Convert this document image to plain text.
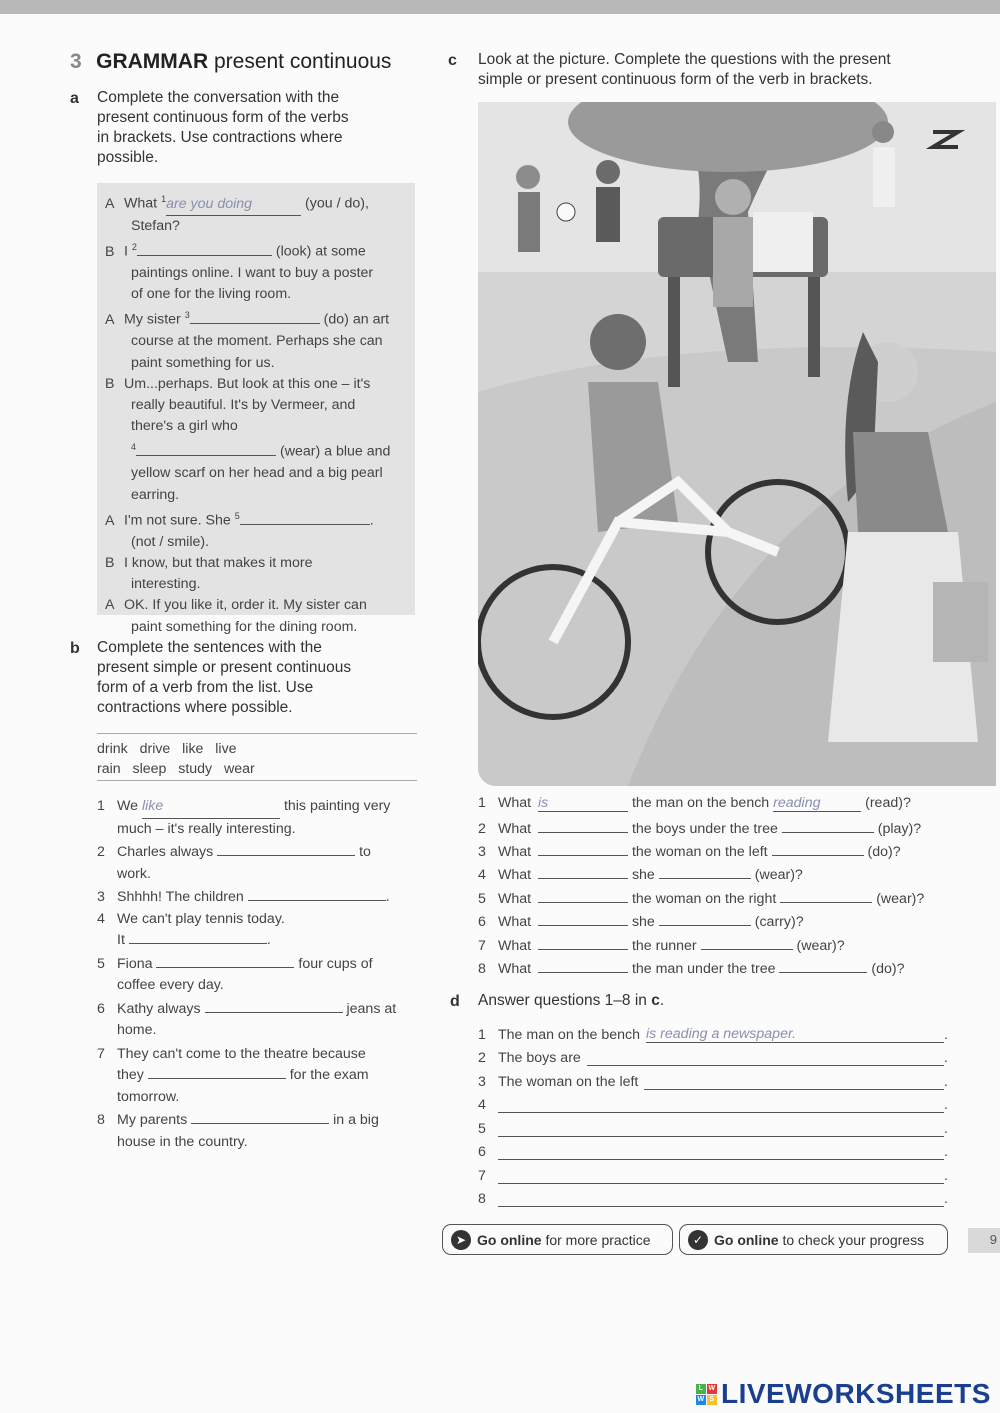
3 GRAMMAR present continuous
a Complete the conversation with the
present continuous form of the verbs
in brackets. Use contractions where
possible.
A What $^1$are you doing	(you / do),
Stefan?
B I $^2$	(look) at some
paintings online. I want to buy a poster
of one for the living room.
A My sister $^3$	(do) an art
course at the moment. Perhaps she can
paint something for us.
B Um...perhaps. But look at this one – it's
really beautiful. It's by Vermeer, and
there's a girl who
$^4$	(wear) a blue and
yellow scarf on her head and a big pearl
earring.
A I'm not sure. She $^5$	.
(not / smile).
B I know, but that makes it more
interesting.
A OK. If you like it, order it. My sister can
paint something for the dining room.
b Complete the sentences with the
present simple or present continuous
form of a verb from the list. Use
contractions where possible.
drink   drive   like   live
rain   sleep   study   wear
1 We like	this painting very
much – it's really interesting.
2 Charles always	to
work.
3 Shhhh! The children	.
4 We can't play tennis today.
It	.
5 Fiona	four cups of
coffee every day.
6 Kathy always	jeans at
home.
7 They can't come to the theatre because
they	for the exam
tomorrow.
8 My parents	in a big
house in the country.
c Look at the picture. Complete the questions with the present
simple or present continuous form of the verb in brackets.
1 What is	the man on the bench reading	(read)?
2 What	the boys under the tree	(play)?
3 What	the woman on the left	(do)?
4 What	she	(wear)?
5 What	the woman on the right	(wear)?
6 What	she	(carry)?
7 What	the runner	(wear)?
8 What	the man under the tree	(do)?
d Answer questions 1–8 in c.
1 The man on the bench is reading a newspaper.	.
2 The boys are	.
3 The woman on the left	.
4	.
5	.
6	.
7	.
8	.
➤ Go online for more practice	✓ Go online to check your progress	9
L W
W S LIVEWORKSHEETS
